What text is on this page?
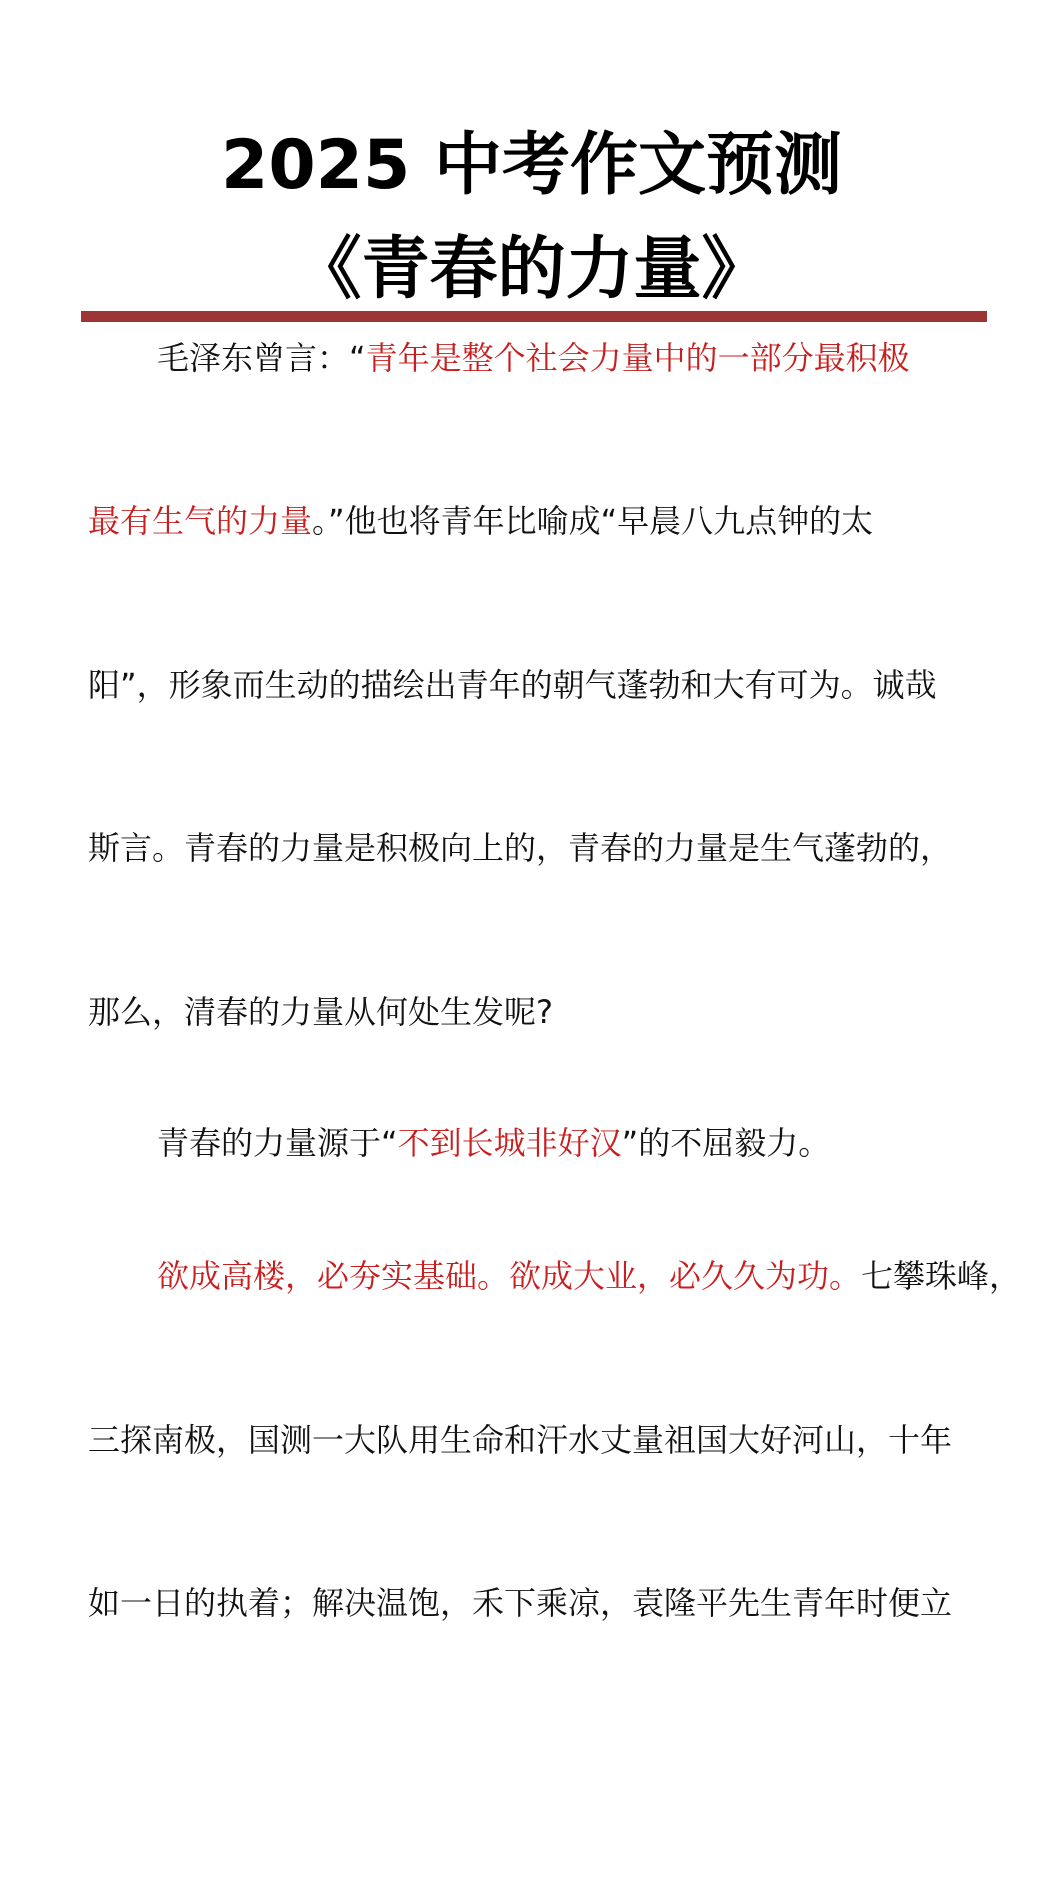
2025 中考作文预测
《青春的力量》
毛泽东曾言：“青年是整个社会力量中的一部分最积极
最有生气的力量。”他也将青年比喻成“早晨八九点钟的太
阳”，形象而生动的描绘出青年的朝气蓬勃和大有可为。诚哉
斯言。青春的力量是积极向上的，青春的力量是生气蓬勃的，
那么，清春的力量从何处生发呢?
青春的力量源于“不到长城非好汉”的不屈毅力。
欲成高楼，必夯实基础。欲成大业，必久久为功。七攀珠峰，
三探南极，国测一大队用生命和汗水丈量祖国大好河山，十年
如一日的执着；解决温饱，禾下乘凉，袁隆平先生青年时便立
